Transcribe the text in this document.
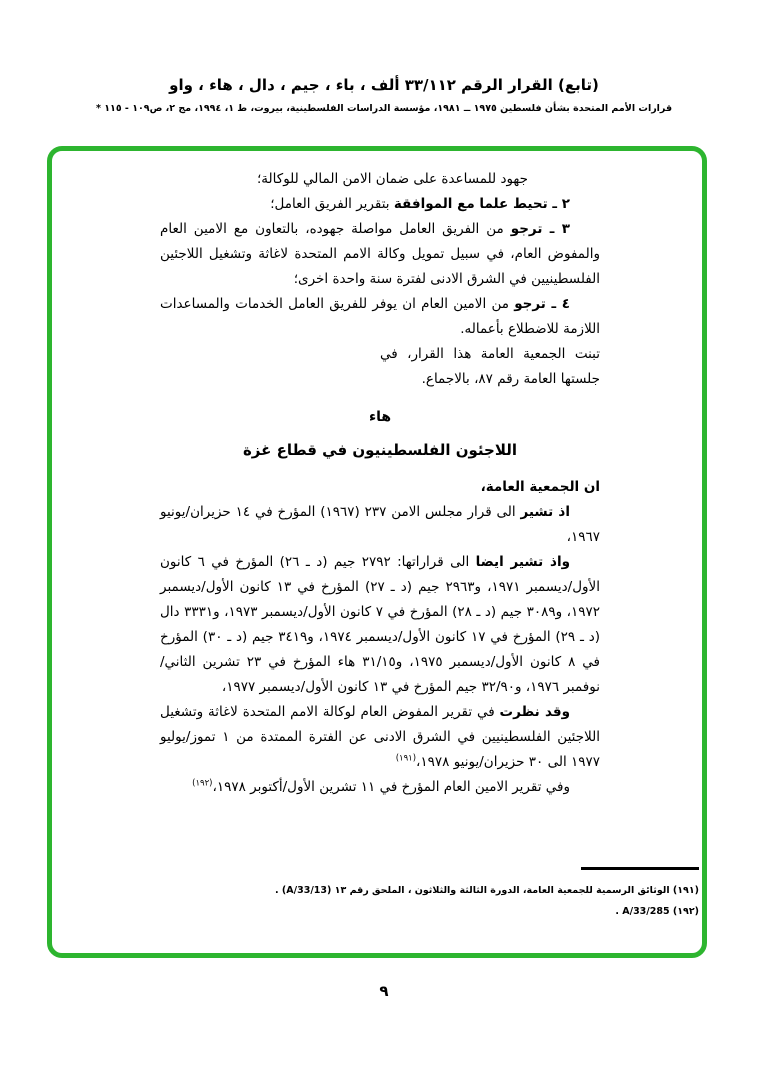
(تابع) القرار الرقم ٣٣/١١٢ ألف ، باء ، جيم ، دال ، هاء ، واو
قرارات الأمم المتحدة بشأن فلسطين ١٩٧٥ ــ ١٩٨١، مؤسسة الدراسات الفلسطينية، بيروت، ط ١، ١٩٩٤، مج ٢، ص١٠٩ - ١١٥ *

جهود للمساعدة على ضمان الامن المالي للوكالة؛

٢ ـ تحيط علما مع الموافقة بتقرير الفريق العامل؛

٣ ـ ترجو من الفريق العامل مواصلة جهوده، بالتعاون مع الامين العام والمفوض العام، في سبيل تمويل وكالة الامم المتحدة لاغاثة وتشغيل اللاجئين الفلسطينيين في الشرق الادنى لفترة سنة واحدة اخرى؛

٤ ـ ترجو من الامين العام ان يوفر للفريق العامل الخدمات والمساعدات اللازمة للاضطلاع بأعماله.

تبنت الجمعية العامة هذا القرار، في جلستها العامة رقم ٨٧، بالاجماع.

هاء
اللاجئون الفلسطينيون في قطاع غزة

ان الجمعية العامة،

اذ تشير الى قرار مجلس الامن ٢٣٧ (١٩٦٧) المؤرخ في ١٤ حزيران/يونيو ١٩٦٧،

واذ تشير ايضا الى قراراتها: ٢٧٩٢ جيم (د ـ ٢٦) المؤرخ في ٦ كانون الأول/ديسمبر ١٩٧١، و٢٩٦٣ جيم (د ـ ٢٧) المؤرخ في ١٣ كانون الأول/ديسمبر ١٩٧٢، و٣٠٨٩ جيم (د ـ ٢٨) المؤرخ في ٧ كانون الأول/ديسمبر ١٩٧٣، و٣٣٣١ دال (د ـ ٢٩) المؤرخ في ١٧ كانون الأول/ديسمبر ١٩٧٤، و٣٤١٩ جيم (د ـ ٣٠) المؤرخ في ٨ كانون الأول/ديسمبر ١٩٧٥، و٣١/١٥ هاء المؤرخ في ٢٣ تشرين الثاني/نوفمبر ١٩٧٦، و٣٢/٩٠ جيم المؤرخ في ١٣ كانون الأول/ديسمبر ١٩٧٧،

وقد نظرت في تقرير المفوض العام لوكالة الامم المتحدة لاغاثة وتشغيل اللاجئين الفلسطينيين في الشرق الادنى عن الفترة الممتدة من ١ تموز/يوليو ١٩٧٧ الى ٣٠ حزيران/يونيو ١٩٧٨،$^{(١٩١)}$

وفي تقرير الامين العام المؤرخ في ١١ تشرين الأول/أكتوبر ١٩٧٨،$^{(١٩٢)}$

(١٩١) الوثائق الرسمية للجمعية العامة، الدورة الثالثة والثلاثون ، الملحق رقم ١٣ (A/33/13) .

(١٩٢) A/33/285 .

٩
